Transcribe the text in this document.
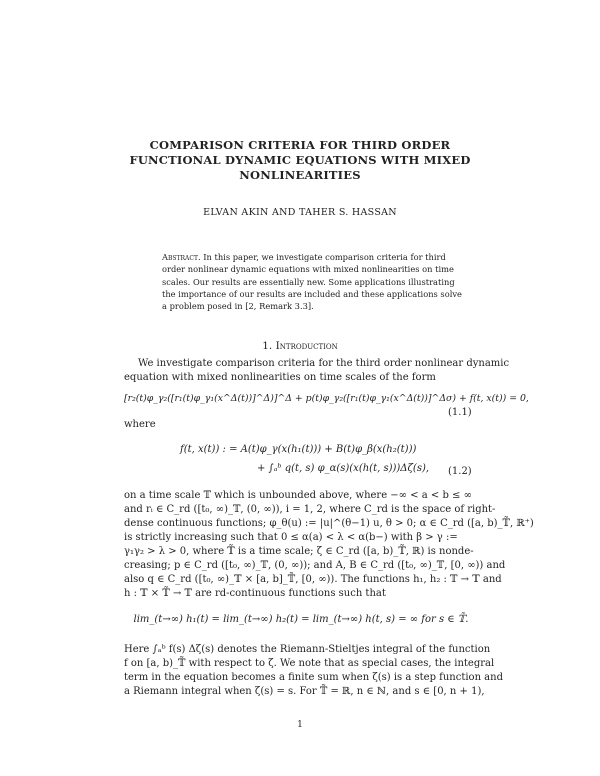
COMPARISON CRITERIA FOR THIRD ORDER
FUNCTIONAL DYNAMIC EQUATIONS WITH MIXED
NONLINEARITIES
ELVAN AKIN AND TAHER S. HASSAN
Abstract. In this paper, we investigate comparison criteria for third
order nonlinear dynamic equations with mixed nonlinearities on time
scales. Our results are essentially new. Some applications illustrating
the importance of our results are included and these applications solve
a problem posed in [2, Remark 3.3].
1. Introduction
We investigate comparison criteria for the third order nonlinear dynamic
equation with mixed nonlinearities on time scales of the form
[r₂(t)φ_γ₂([r₁(t)φ_γ₁(x^Δ(t))]^Δ)]^Δ + p(t)φ_γ₂([r₁(t)φ_γ₁(x^Δ(t))]^Δσ) + f(t, x(t)) = 0,
(1.1)
where
f(t, x(t)) : = A(t)φ_γ(x(h₁(t))) + B(t)φ_β(x(h₂(t)))
+ ∫ₐᵇ q(t, s) φ_α(s)(x(h(t, s)))Δζ(s), (1.2)
on a time scale 𝕋 which is unbounded above, where −∞ < a < b ≤ ∞
and rᵢ ∈ C_rd ([t₀, ∞)_𝕋, (0, ∞)), i = 1, 2, where C_rd is the space of right-
dense continuous functions; φ_θ(u) := |u|^(θ−1) u, θ > 0; α ∈ C_rd ([a, b)_𝕋̃, ℝ⁺)
is strictly increasing such that 0 ≤ α(a) < λ < α(b−) with β > γ :=
γ₁γ₂ > λ > 0, where 𝕋̃ is a time scale; ζ ∈ C_rd ([a, b)_𝕋̃, ℝ) is nonde-
creasing; p ∈ C_rd ([t₀, ∞)_𝕋, (0, ∞)); and A, B ∈ C_rd ([t₀, ∞)_𝕋, [0, ∞)) and
also q ∈ C_rd ([t₀, ∞)_𝕋 × [a, b]_𝕋̃, [0, ∞)). The functions h₁, h₂ : 𝕋 → 𝕋 and
h : 𝕋 × 𝕋̃ → 𝕋 are rd-continuous functions such that
lim_(t→∞) h₁(t) = lim_(t→∞) h₂(t) = lim_(t→∞) h(t, s) = ∞ for s ∈ 𝕋̃.
Here ∫ₐᵇ f(s) Δζ(s) denotes the Riemann-Stieltjes integral of the function
f on [a, b)_𝕋̃ with respect to ζ. We note that as special cases, the integral
term in the equation becomes a finite sum when ζ(s) is a step function and
a Riemann integral when ζ(s) = s. For 𝕋̃ = ℝ, n ∈ ℕ, and s ∈ [0, n + 1),
1
